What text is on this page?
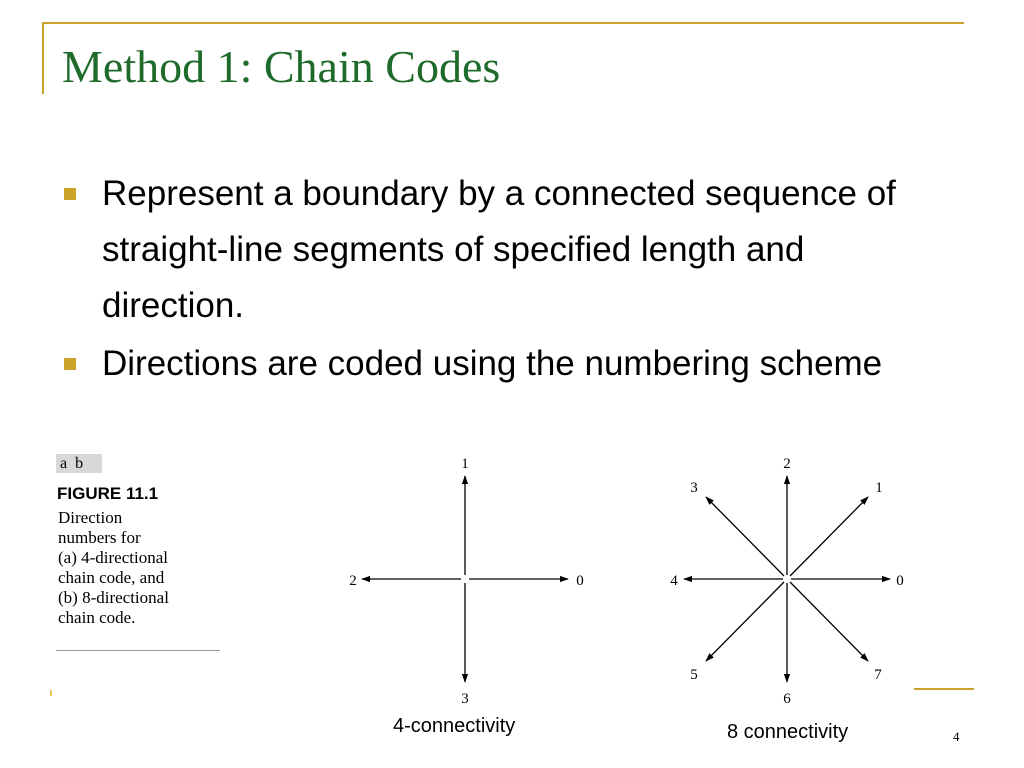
Method 1: Chain Codes
Represent a boundary by a connected sequence of straight-line segments of specified length and direction.
Directions are coded using the numbering scheme
a  b
FIGURE 11.1
Direction
numbers for
(a) 4-directional
chain code, and
(b) 8-directional
chain code.
1
3
0
2
2
1
0
7
6
5
4
3
4-connectivity	8 connectivity	4
